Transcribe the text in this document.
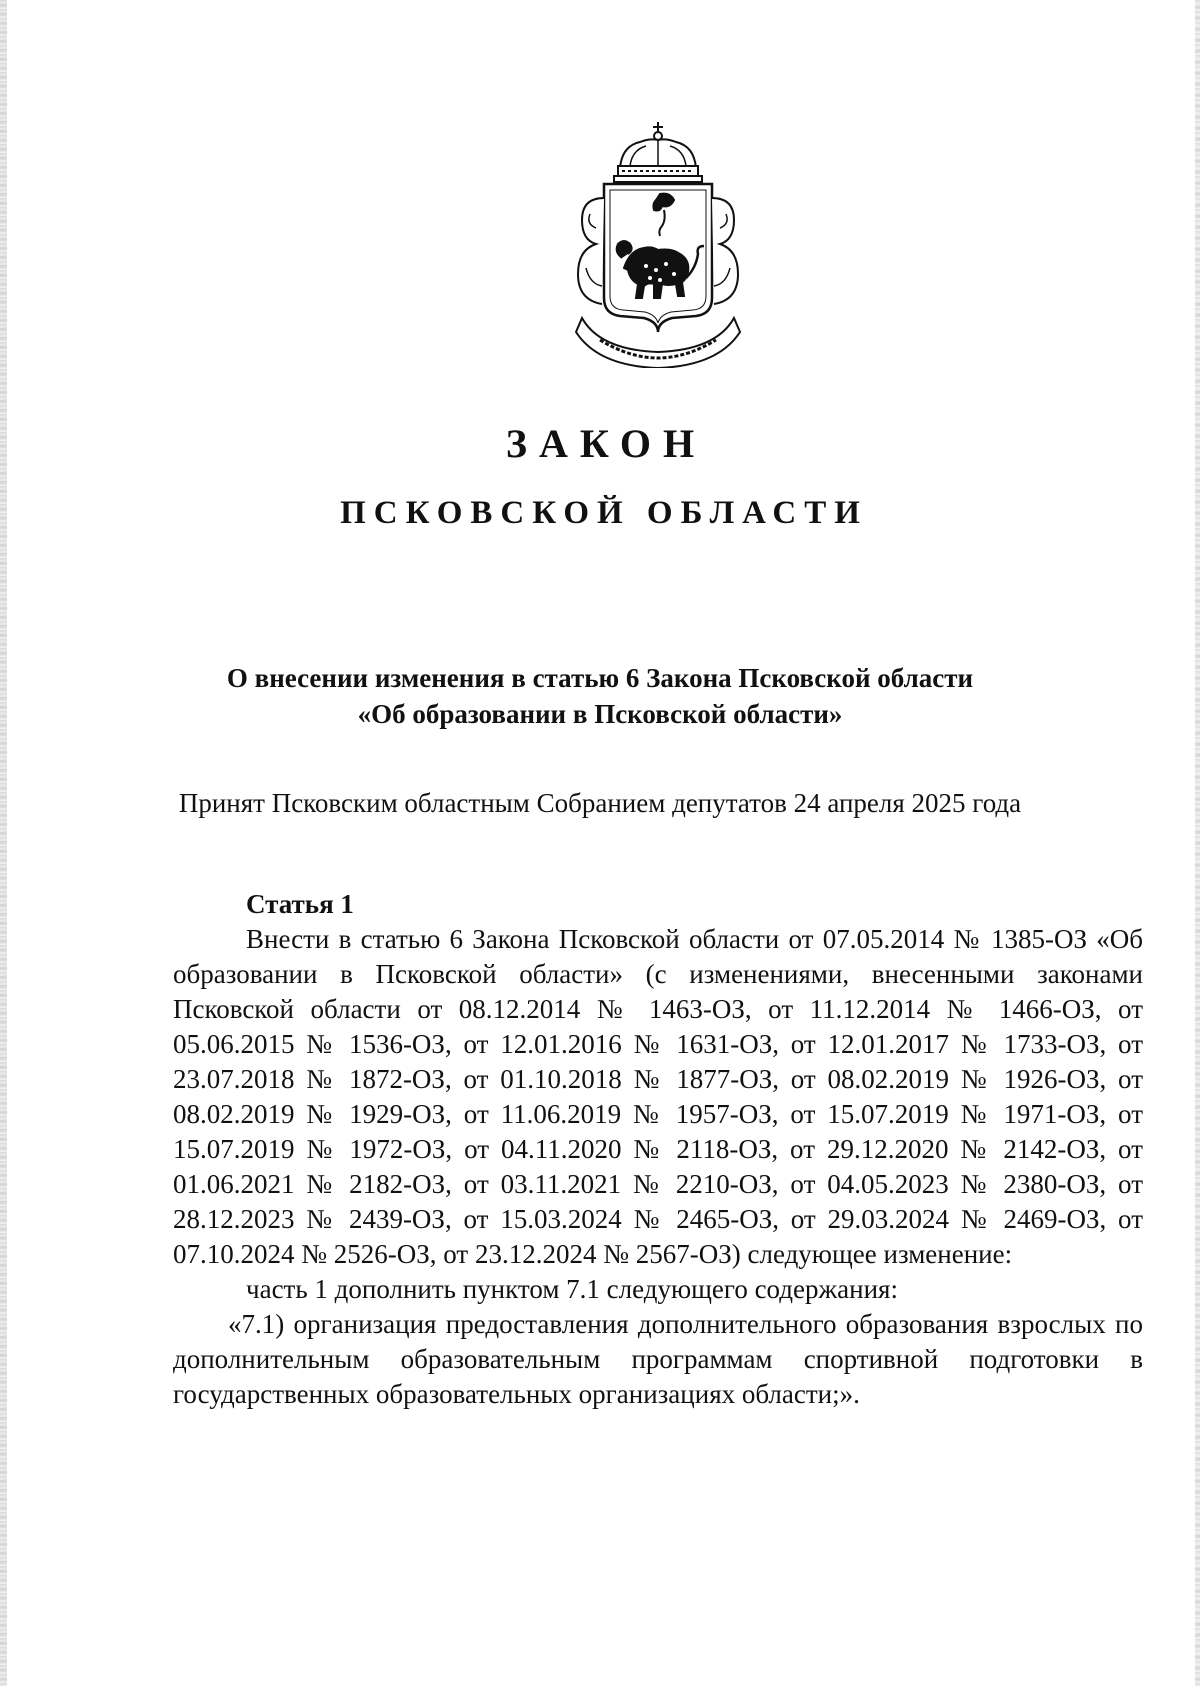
ЗАКОН
ПСКОВСКОЙ ОБЛАСТИ
О внесении изменения в статью 6 Закона Псковской области
«Об образовании в Псковской области»
Принят Псковским областным Собранием депутатов 24 апреля 2025 года
Статья 1

Внести в статью 6 Закона Псковской области от 07.05.2014 № 1385-ОЗ «Об образовании в Псковской области» (с изменениями, внесенными законами Псковской области от 08.12.2014 № 1463-ОЗ, от 11.12.2014 № 1466-ОЗ, от 05.06.2015 № 1536-ОЗ, от 12.01.2016 № 1631-ОЗ, от 12.01.2017 № 1733-ОЗ, от 23.07.2018 № 1872-ОЗ, от 01.10.2018 № 1877-ОЗ, от 08.02.2019 № 1926-ОЗ, от 08.02.2019 № 1929-ОЗ, от 11.06.2019 № 1957-ОЗ, от 15.07.2019 № 1971-ОЗ, от 15.07.2019 № 1972-ОЗ, от 04.11.2020 № 2118-ОЗ, от 29.12.2020 № 2142-ОЗ, от 01.06.2021 № 2182-ОЗ, от 03.11.2021 № 2210-ОЗ, от 04.05.2023 № 2380-ОЗ, от 28.12.2023 № 2439-ОЗ, от 15.03.2024 № 2465-ОЗ, от 29.03.2024 № 2469-ОЗ, от 07.10.2024 № 2526-ОЗ, от 23.12.2024 № 2567-ОЗ) следующее изменение:

часть 1 дополнить пунктом 7.1 следующего содержания:

«7.1) организация предоставления дополнительного образования взрослых по дополнительным образовательным программам спортивной подготовки в государственных образовательных организациях области;».
